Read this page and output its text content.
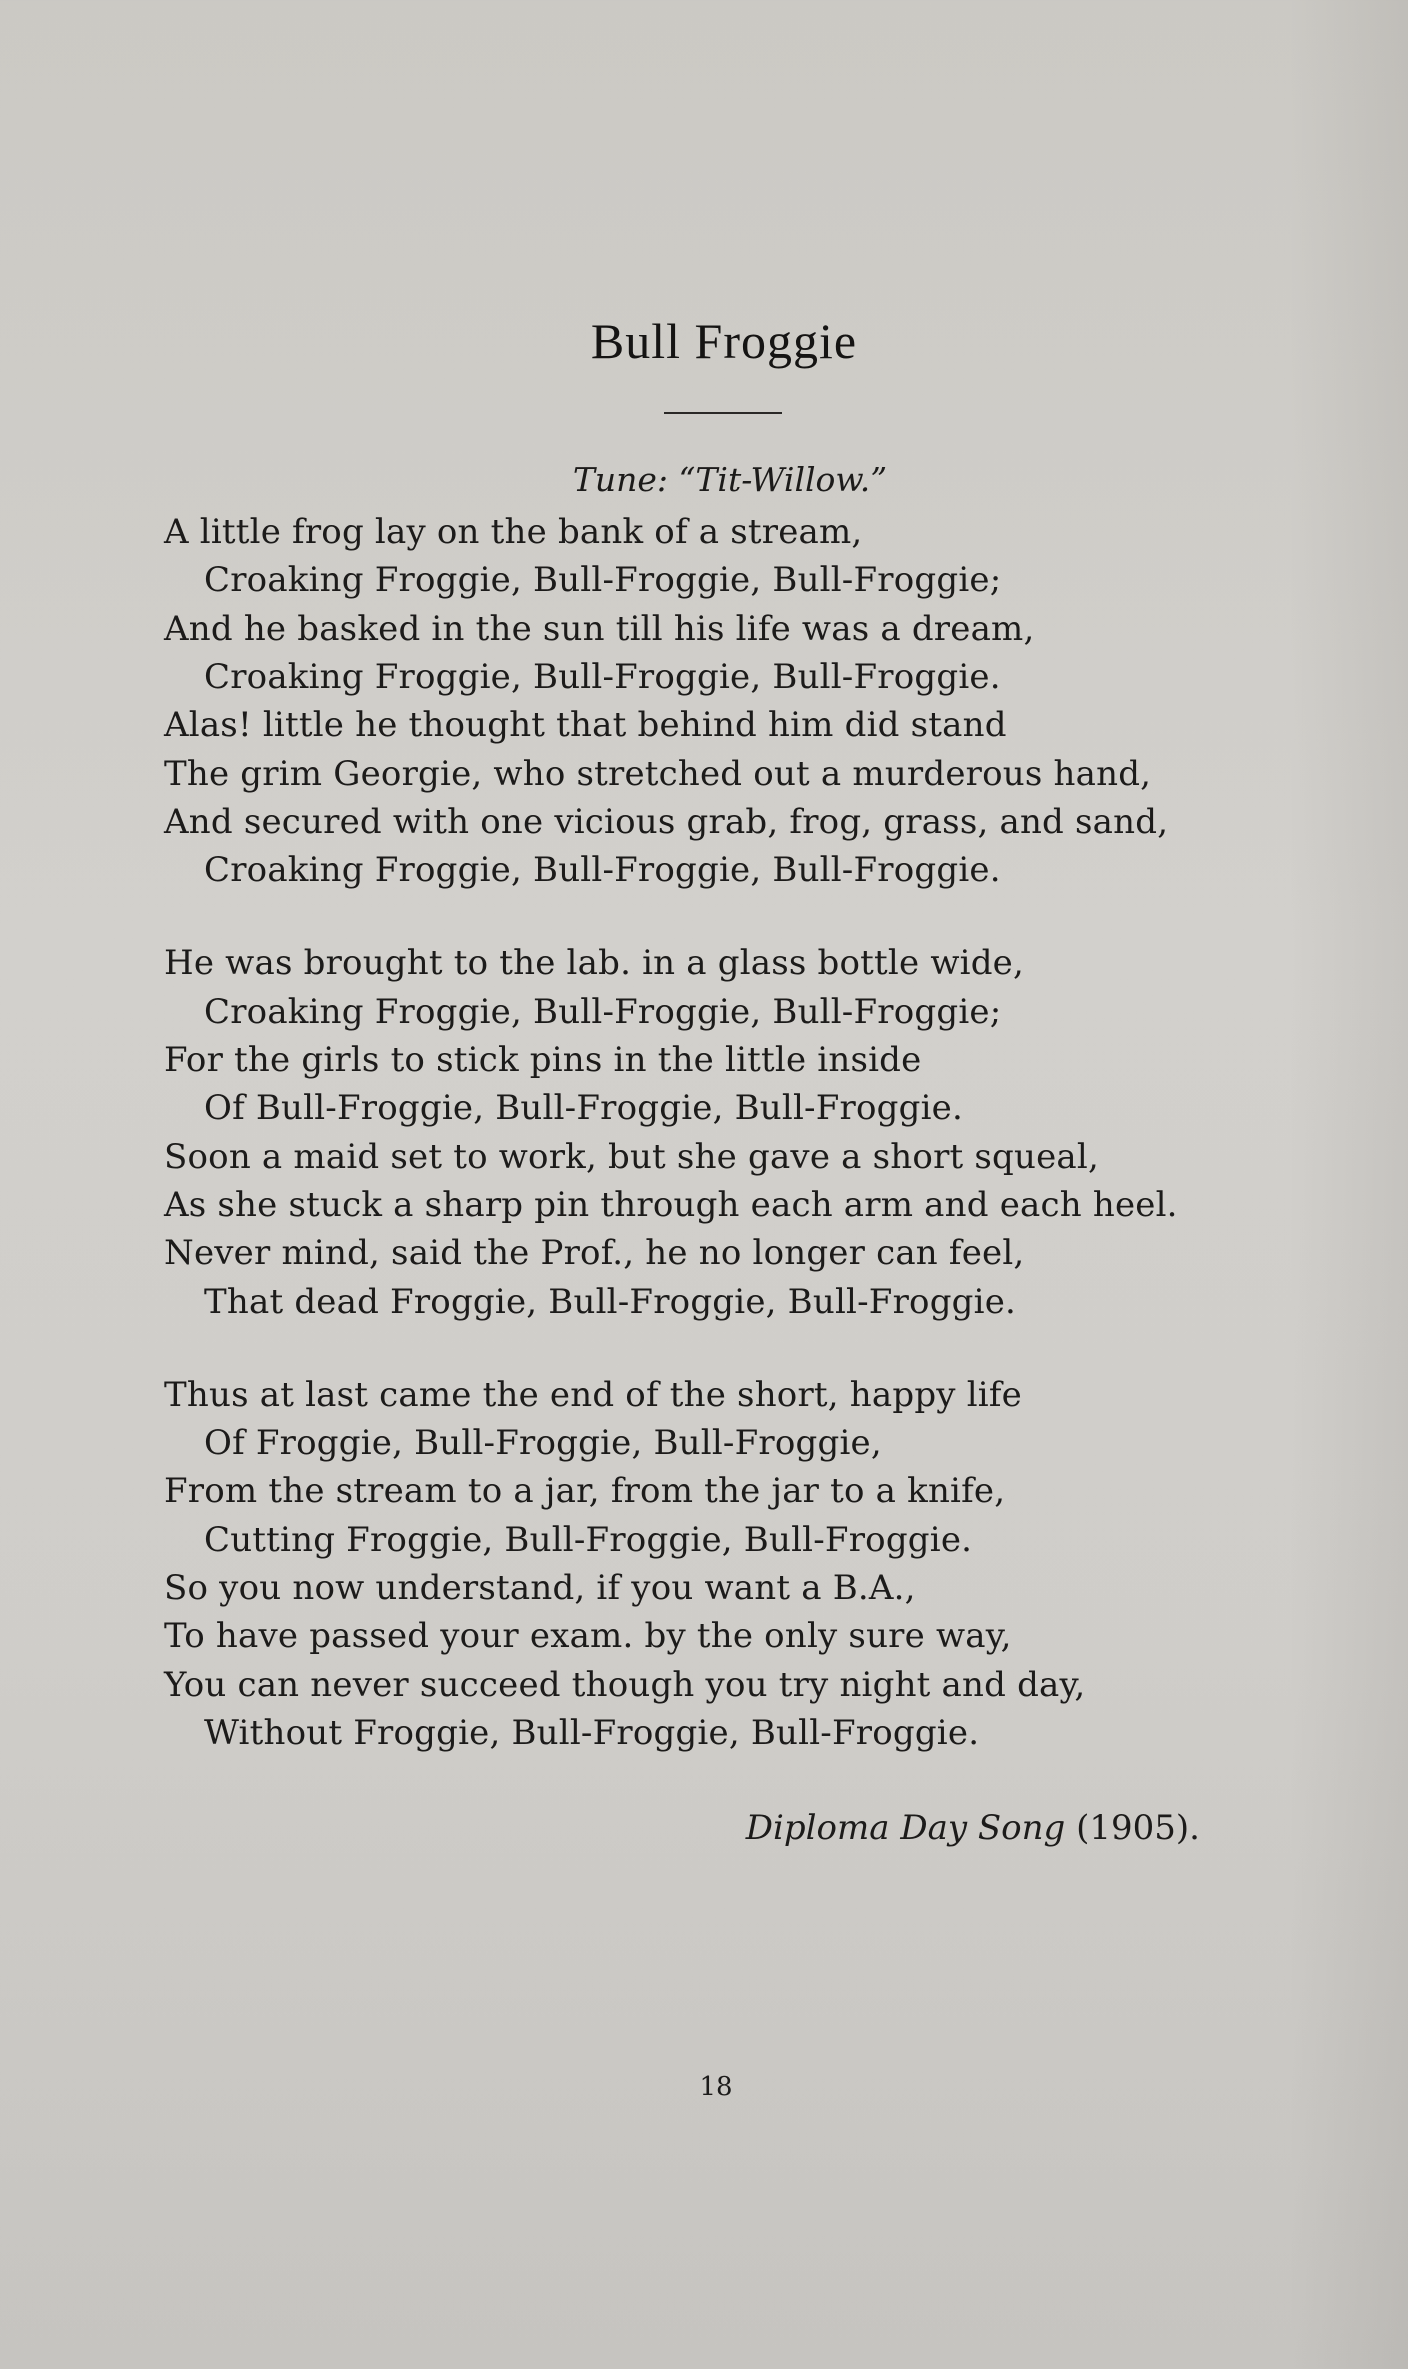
Bull Froggie
Tune: “Tit-Willow.”
A little frog lay on the bank of a stream,
Croaking Froggie, Bull-Froggie, Bull-Froggie;
And he basked in the sun till his life was a dream,
Croaking Froggie, Bull-Froggie, Bull-Froggie.
Alas! little he thought that behind him did stand
The grim Georgie, who stretched out a murderous hand,
And secured with one vicious grab, frog, grass, and sand,
Croaking Froggie, Bull-Froggie, Bull-Froggie.
He was brought to the lab. in a glass bottle wide,
Croaking Froggie, Bull-Froggie, Bull-Froggie;
For the girls to stick pins in the little inside
Of Bull-Froggie, Bull-Froggie, Bull-Froggie.
Soon a maid set to work, but she gave a short squeal,
As she stuck a sharp pin through each arm and each heel.
Never mind, said the Prof., he no longer can feel,
That dead Froggie, Bull-Froggie, Bull-Froggie.
Thus at last came the end of the short, happy life
Of Froggie, Bull-Froggie, Bull-Froggie,
From the stream to a jar, from the jar to a knife,
Cutting Froggie, Bull-Froggie, Bull-Froggie.
So you now understand, if you want a B.A.,
To have passed your exam. by the only sure way,
You can never succeed though you try night and day,
Without Froggie, Bull-Froggie, Bull-Froggie.
Diploma Day Song (1905).
18
